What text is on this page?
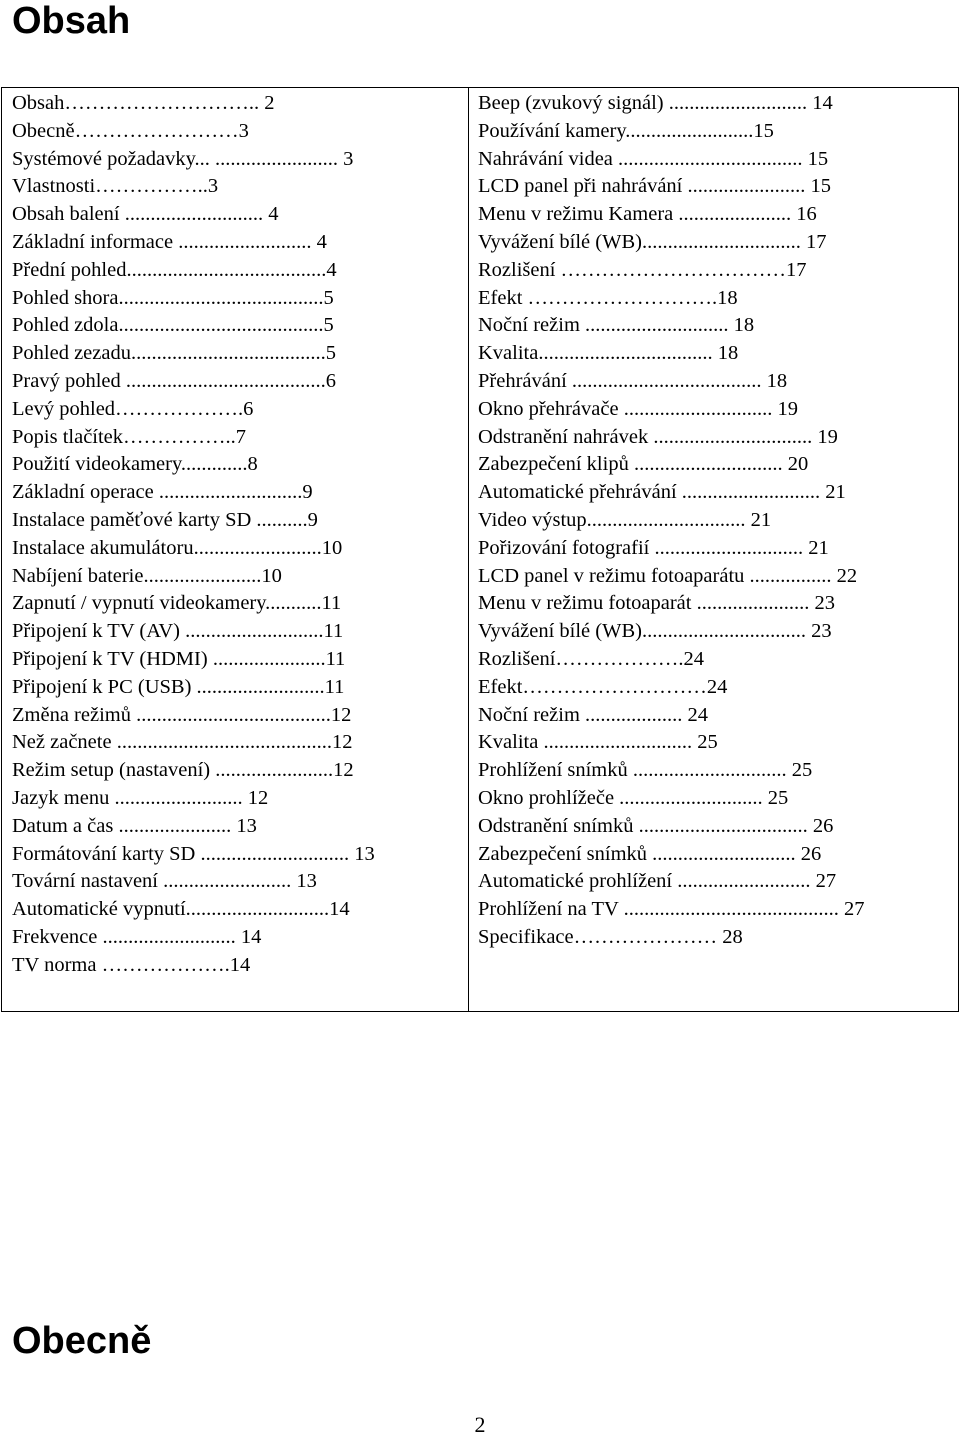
Obsah
Obsah……………………….. 2
Obecně……………………3
Systémové požadavky... ........................ 3
Vlastnosti……………..3
Obsah balení ........................... 4
Základní informace .......................... 4
Přední pohled.......................................4
Pohled shora........................................5
Pohled zdola........................................5
Pohled zezadu......................................5
Pravý pohled .......................................6
Levý pohled……………….6
Popis tlačítek……………..7
Použití videokamery.............8
Základní operace ............................9
Instalace paměťové karty SD ..........9
Instalace akumulátoru.........................10
Nabíjení baterie.......................10
Zapnutí / vypnutí videokamery...........11
Připojení k TV (AV) ...........................11
Připojení k TV (HDMI) ......................11
Připojení k PC (USB) .........................11
Změna režimů ......................................12
Než začnete ..........................................12
Režim setup (nastavení) .......................12
Jazyk menu ......................... 12
Datum a čas ...................... 13
Formátování karty SD ............................. 13
Tovární nastavení ......................... 13
Automatické vypnutí............................14
Frekvence .......................... 14
TV norma ……………….14
Beep (zvukový signál) ........................... 14
Používání kamery.........................15
Nahrávání videa .................................... 15
LCD panel při nahrávání ....................... 15
Menu v režimu Kamera ...................... 16
Vyvážení bílé (WB)............................... 17
Rozlišení ……………………………17
Efekt ……………………….18
Noční režim ............................ 18
Kvalita.................................. 18
Přehrávání ..................................... 18
Okno přehrávače ............................. 19
Odstranění nahrávek ............................... 19
Zabezpečení klipů ............................. 20
Automatické přehrávání ........................... 21
Video výstup............................... 21
Pořizování fotografií ............................. 21
LCD panel v režimu fotoaparátu ................ 22
Menu v režimu fotoaparát ...................... 23
Vyvážení bílé (WB)................................ 23
Rozlišení……………….24
Efekt………………………24
Noční režim ................... 24
Kvalita ............................. 25
Prohlížení snímků .............................. 25
Okno prohlížeče ............................ 25
Odstranění snímků ................................. 26
Zabezpečení snímků ............................ 26
Automatické prohlížení .......................... 27
Prohlížení na TV .......................................... 27
Specifikace………………… 28
Obecně
2
